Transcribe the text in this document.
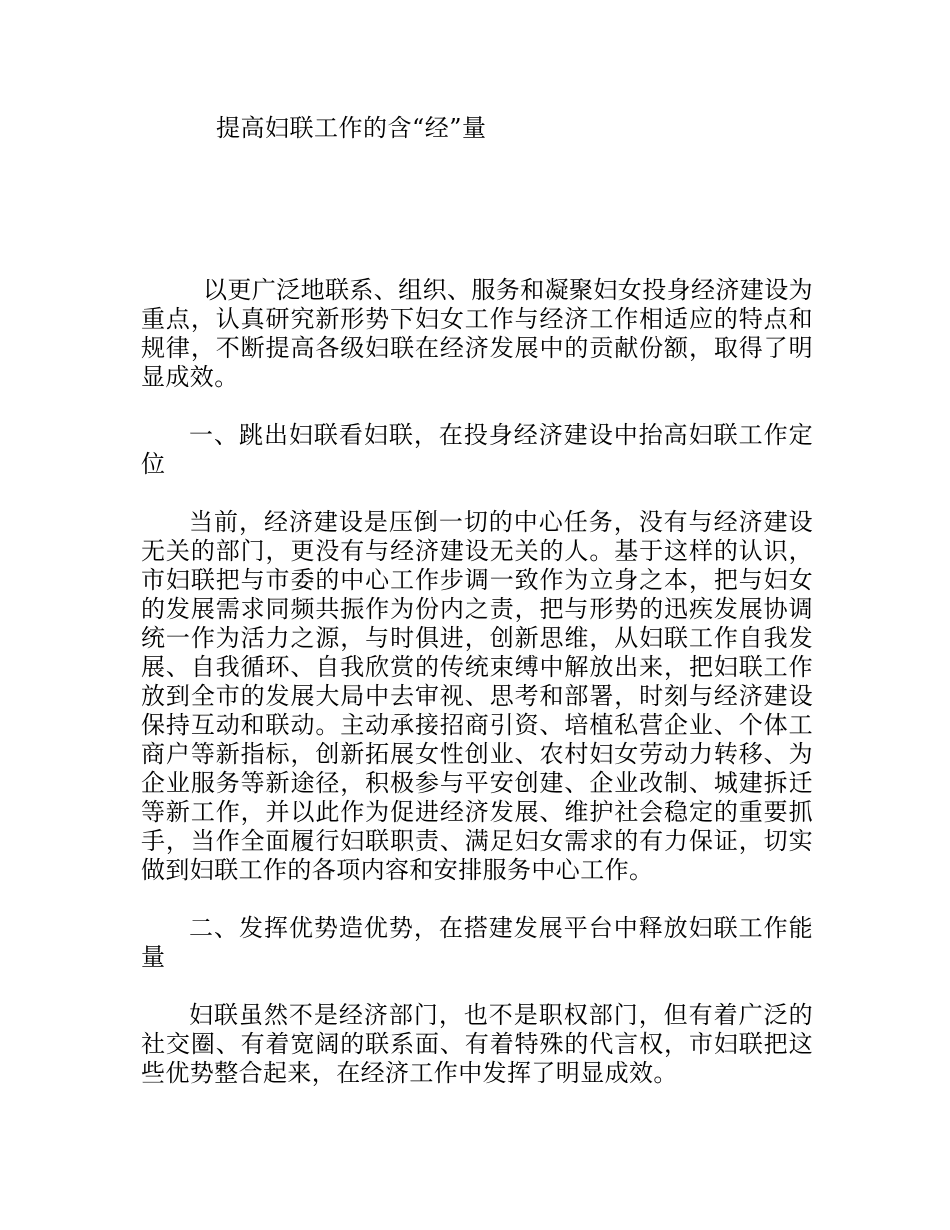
提高妇联工作的含“经”量

以更广泛地联系、组织、服务和凝聚妇女投身经济建设为重点，认真研究新形势下妇女工作与经济工作相适应的特点和规律，不断提高各级妇联在经济发展中的贡献份额，取得了明显成效。

一、跳出妇联看妇联，在投身经济建设中抬高妇联工作定位

当前，经济建设是压倒一切的中心任务，没有与经济建设无关的部门，更没有与经济建设无关的人。基于这样的认识，市妇联把与市委的中心工作步调一致作为立身之本，把与妇女的发展需求同频共振作为份内之责，把与形势的迅疾发展协调统一作为活力之源，与时俱进，创新思维，从妇联工作自我发展、自我循环、自我欣赏的传统束缚中解放出来，把妇联工作放到全市的发展大局中去审视、思考和部署，时刻与经济建设保持互动和联动。主动承接招商引资、培植私营企业、个体工商户等新指标，创新拓展女性创业、农村妇女劳动力转移、为企业服务等新途径，积极参与平安创建、企业改制、城建拆迁等新工作，并以此作为促进经济发展、维护社会稳定的重要抓手，当作全面履行妇联职责、满足妇女需求的有力保证，切实做到妇联工作的各项内容和安排服务中心工作。

二、发挥优势造优势，在搭建发展平台中释放妇联工作能量

妇联虽然不是经济部门，也不是职权部门，但有着广泛的社交圈、有着宽阔的联系面、有着特殊的代言权，市妇联把这些优势整合起来，在经济工作中发挥了明显成效。
